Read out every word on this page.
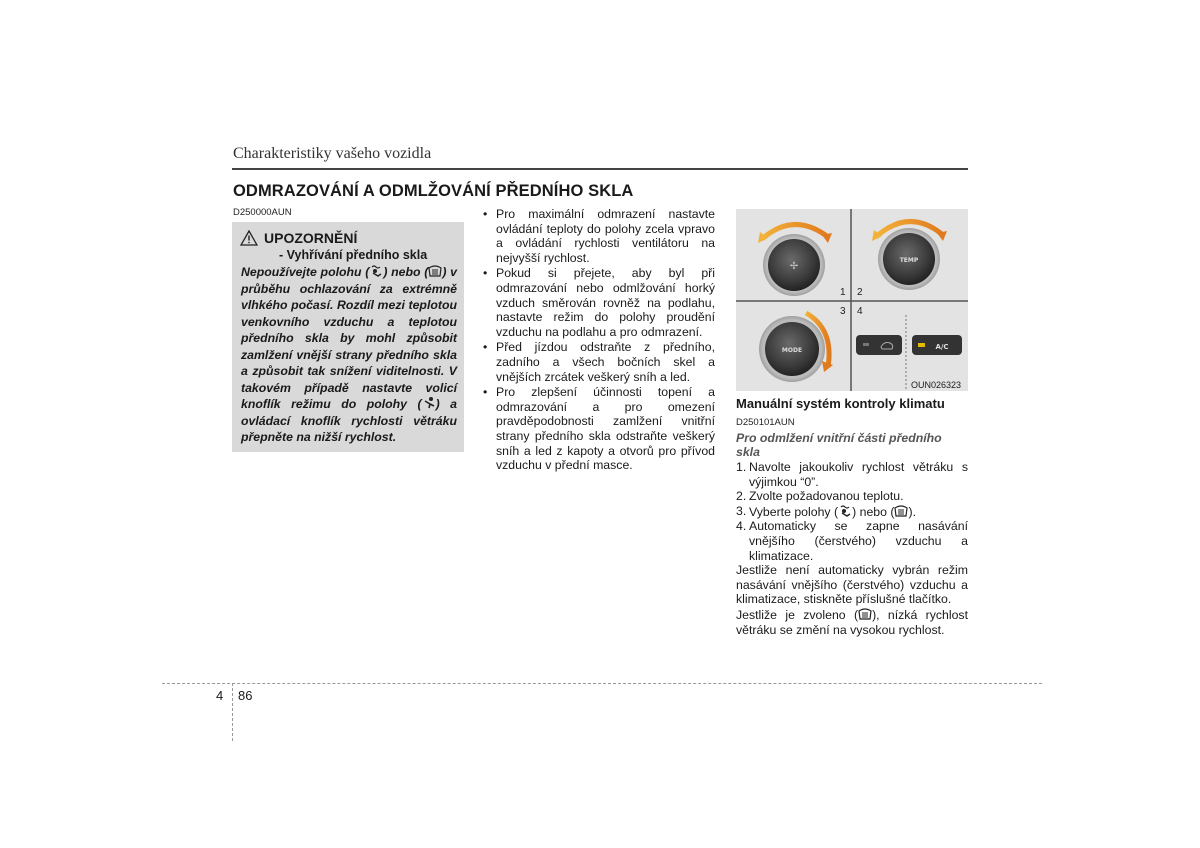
Charakteristiky vašeho vozidla
ODMRAZOVÁNÍ A ODMLŽOVÁNÍ PŘEDNÍHO SKLA
D250000AUN
UPOZORNĚNÍ
- Vyhřívání předního skla
Nepoužívejte polohu ( ) nebo ( ) v průběhu ochlazování za extrémně vlhkého počasí. Rozdíl mezi teplotou venkovního vzduchu a teplotou předního skla by mohl způsobit zamlžení vnější strany předního skla a způsobit tak snížení viditelnosti. V takovém případě nastavte volicí knoflík režimu do polohy ( ) a ovládací knoflík rychlosti větráku přepněte na nižší rychlost.
• Pro maximální odmrazení nastavte ovládání teploty do polohy zcela vpravo a ovládání rychlosti ventilátoru na nejvyšší rychlost.
• Pokud si přejete, aby byl při odmrazování nebo odmlžování horký vzduch směrován rovněž na podlahu, nastavte režim do polohy proudění vzduchu na podlahu a pro odmrazení.
• Před jízdou odstraňte z předního, zadního a všech bočních skel a vnějších zrcátek veškerý sníh a led.
• Pro zlepšení účinnosti topení a odmrazování a pro omezení pravděpodobnosti zamlžení vnitřní strany předního skla odstraňte veškerý sníh a led z kapoty a otvorů pro přívod vzduchu v přední masce.
✢
TEMP
1 2
3 4
MODE	A/C
OUN026323
Manuální systém kontroly klimatu
D250101AUN
Pro odmlžení vnitřní části předního skla
1. Navolte jakoukoliv rychlost větráku s výjimkou “0”.
2. Zvolte požadovanou teplotu.
3. Vyberte polohy ( ) nebo ( ).
4. Automaticky se zapne nasávání vnějšího (čerstvého) vzduchu a klimatizace.

Jestliže není automaticky vybrán režim nasávání vnějšího (čerstvého) vzduchu a klimatizace, stiskněte příslušné tlačítko.

Jestliže je zvoleno ( ), nízká rychlost větráku se změní na vysokou rychlost.

4 86
